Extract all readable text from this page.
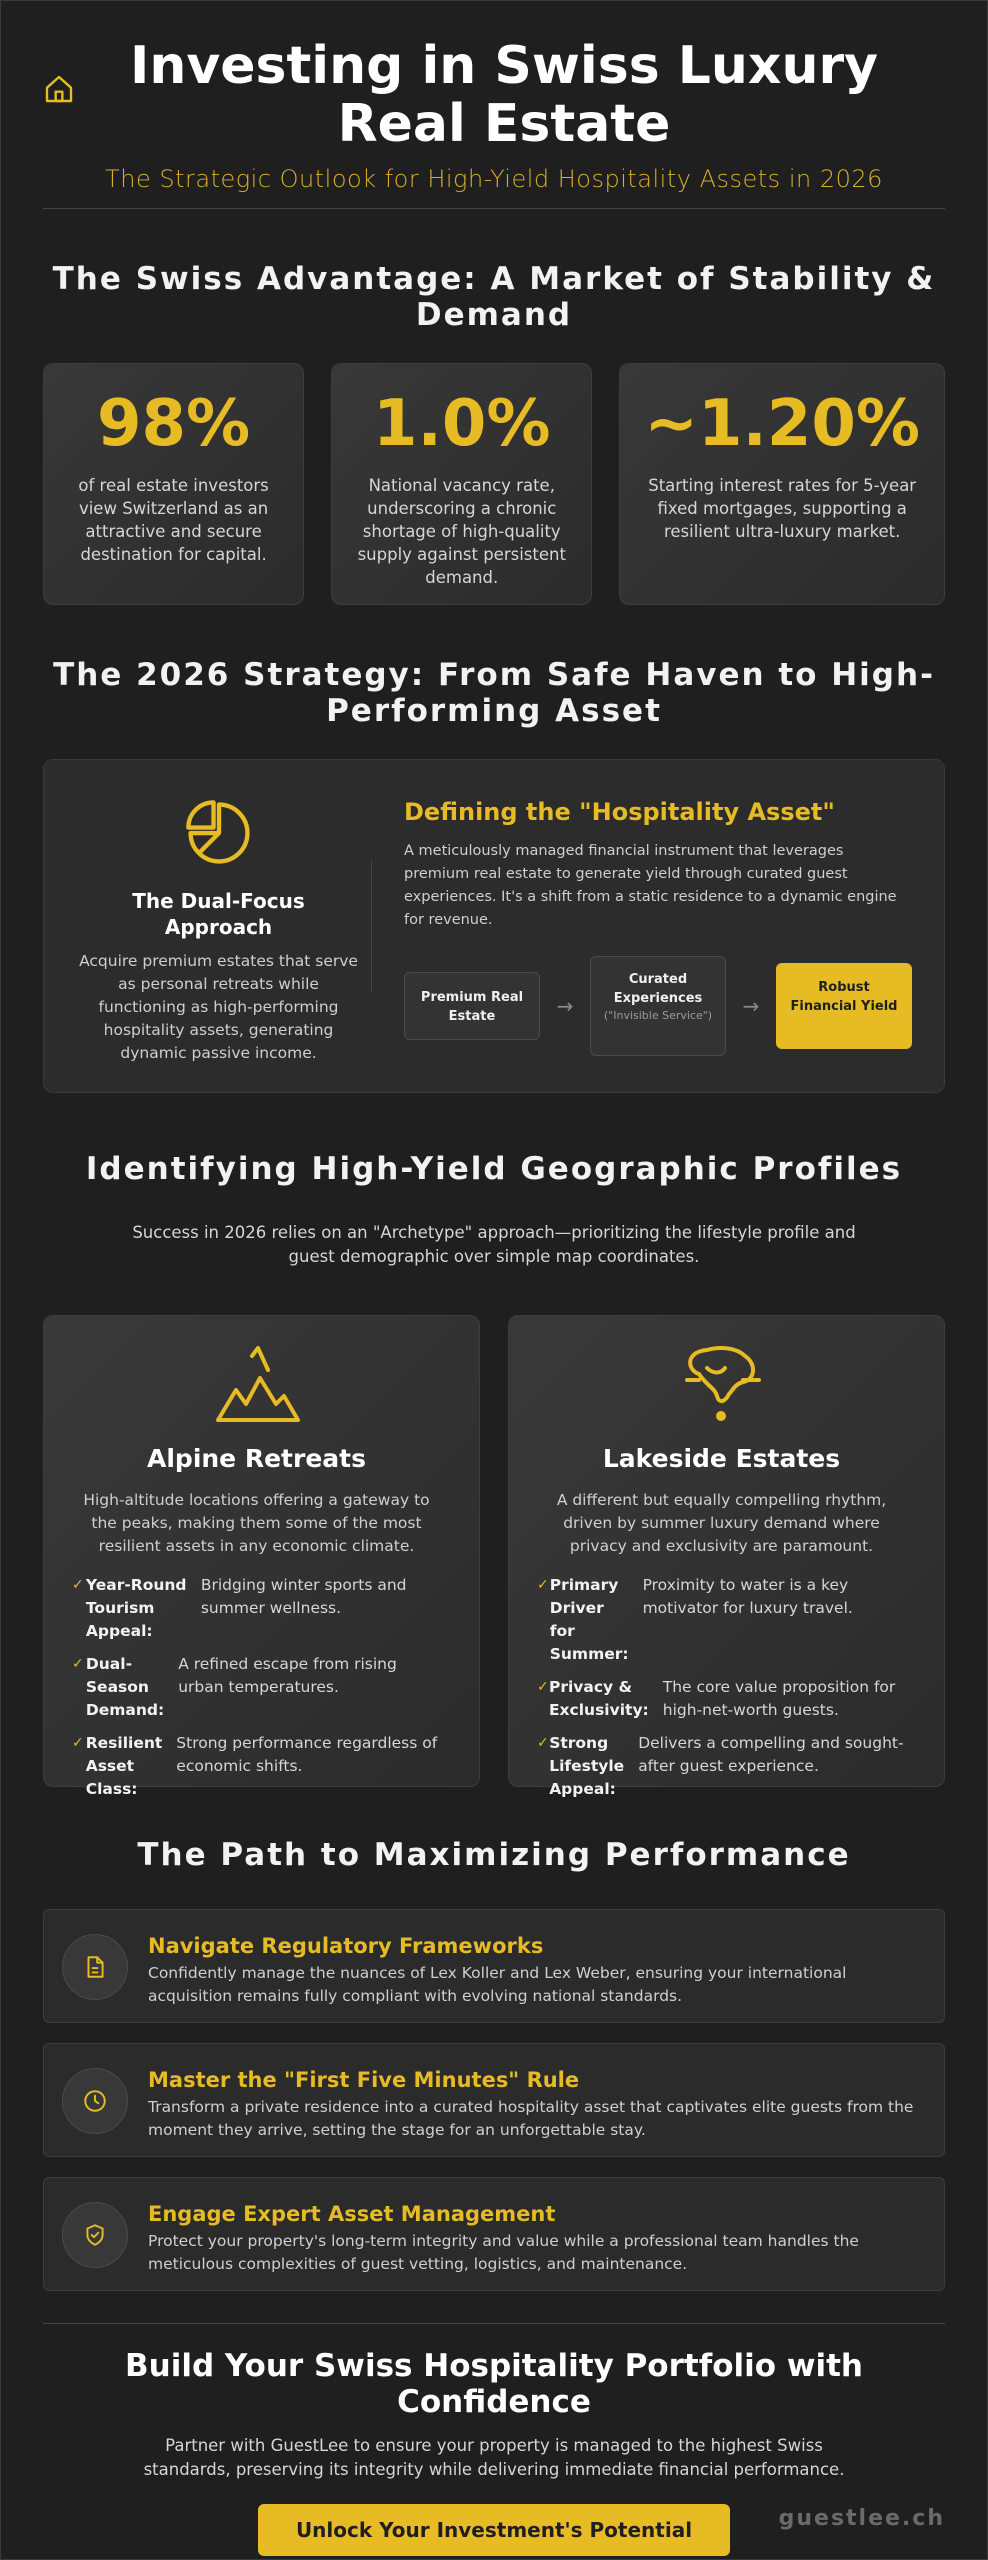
Investing in Swiss Luxury Real Estate
The Strategic Outlook for High-Yield Hospitality Assets in 2026
The Swiss Advantage: A Market of Stability & Demand
98%
of real estate investors view Switzerland as an attractive and secure destination for capital.
1.0%
National vacancy rate, underscoring a chronic shortage of high-quality supply against persistent demand.
~1.20%
Starting interest rates for 5-year fixed mortgages, supporting a resilient ultra-luxury market.
The 2026 Strategy: From Safe Haven to High-Performing Asset
The Dual-Focus Approach
Acquire premium estates that serve as personal retreats while functioning as high-performing hospitality assets, generating dynamic passive income.
Defining the "Hospitality Asset"
A meticulously managed financial instrument that leverages premium real estate to generate yield through curated guest experiences. It's a shift from a static residence to a dynamic engine for revenue.
Premium Real Estate	→
Curated Experiences
("Invisible Service")	→
Robust Financial Yield
Identifying High-Yield Geographic Profiles

Success in 2026 relies on an "Archetype" approach—prioritizing the lifestyle profile and guest demographic over simple map coordinates.

Alpine Retreats
High-altitude locations offering a gateway to the peaks, making them some of the most resilient assets in any economic climate.
✓ Year-Round Tourism Appeal:
Bridging winter sports and summer wellness.
✓ Dual-Season Demand:
A refined escape from rising urban temperatures.
✓ Resilient Asset Class:
Strong performance regardless of economic shifts.
Lakeside Estates
A different but equally compelling rhythm, driven by summer luxury demand where privacy and exclusivity are paramount.
✓ Primary Driver for Summer:
Proximity to water is a key motivator for luxury travel.
✓ Privacy & Exclusivity:
The core value proposition for high-net-worth guests.
✓ Strong Lifestyle Appeal:
Delivers a compelling and sought-after guest experience.
The Path to Maximizing Performance
Navigate Regulatory Frameworks
Confidently manage the nuances of Lex Koller and Lex Weber, ensuring your international acquisition remains fully compliant with evolving national standards.
Master the "First Five Minutes" Rule
Transform a private residence into a curated hospitality asset that captivates elite guests from the moment they arrive, setting the stage for an unforgettable stay.
Engage Expert Asset Management
Protect your property's long-term integrity and value while a professional team handles the meticulous complexities of guest vetting, logistics, and maintenance.
Build Your Swiss Hospitality Portfolio with Confidence

Partner with GuestLee to ensure your property is managed to the highest Swiss standards, preserving its integrity while delivering immediate financial performance.

Unlock Your Investment's Potential	guestlee.ch
